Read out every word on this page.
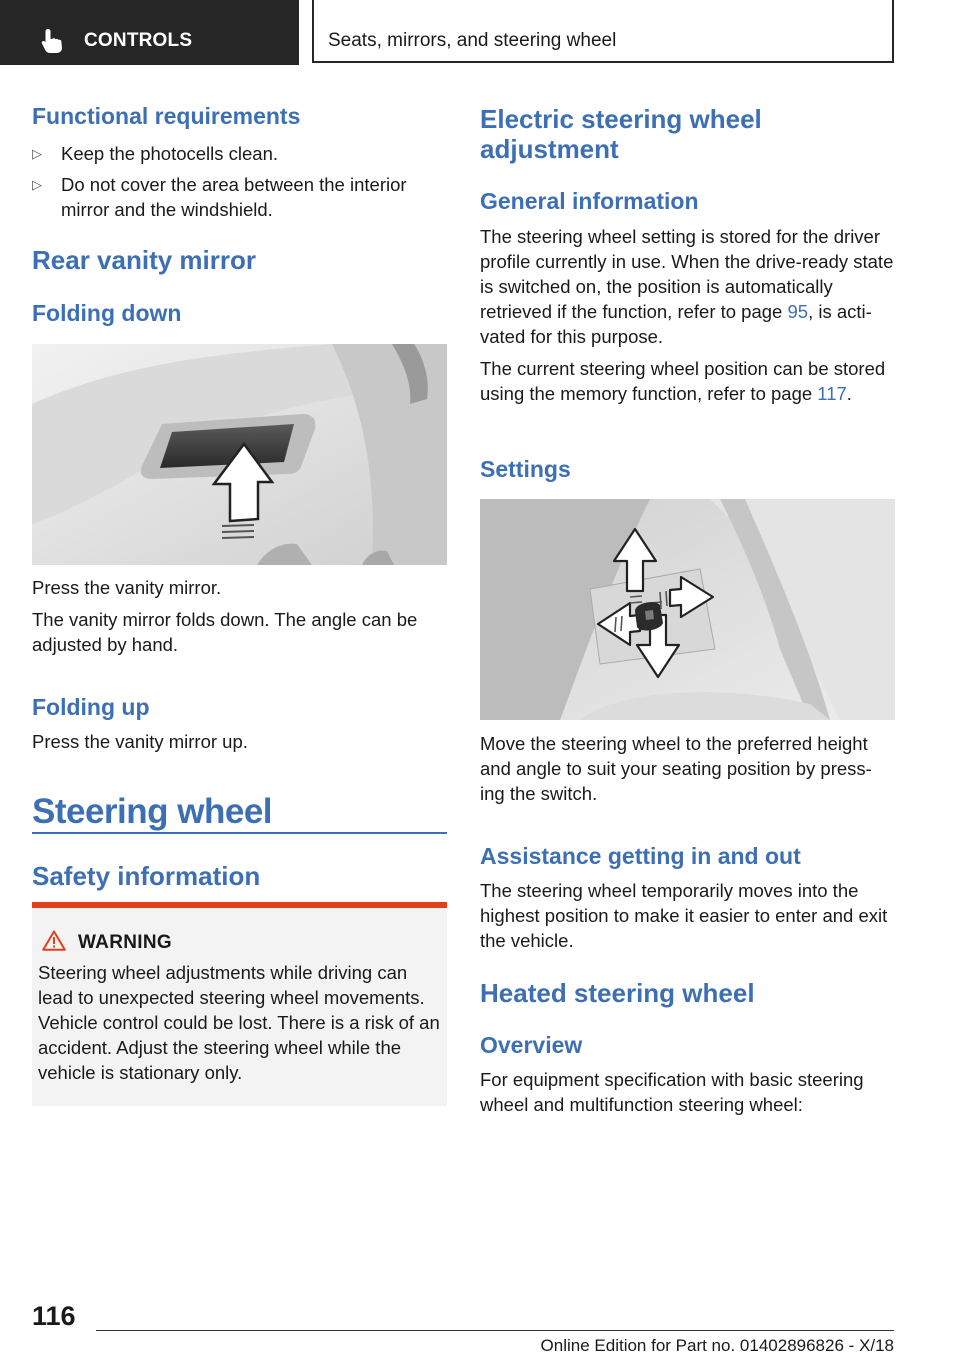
CONTROLS	Seats, mirrors, and steering wheel
Functional requirements
▷ Keep the photocells clean.
▷ Do not cover the area between the interior mirror and the windshield.
Rear vanity mirror
Folding down

Press the vanity mirror.

The vanity mirror folds down. The angle can be adjusted by hand.

Folding up

Press the vanity mirror up.

Steering wheel
Safety information
WARNING
Steering wheel adjustments while driving can lead to unexpected steering wheel movements. Vehicle control could be lost. There is a risk of an accident. Adjust the steering wheel while the vehicle is stationary only.
Electric steering wheel adjustment
General information

The steering wheel setting is stored for the driver profile currently in use. When the drive-ready state is switched on, the position is automatically retrieved if the function, refer to page 95, is acti-vated for this purpose.

The current steering wheel position can be stored using the memory function, refer to page 117.

Settings

Move the steering wheel to the preferred height and angle to suit your seating position by press-ing the switch.

Assistance getting in and out

The steering wheel temporarily moves into the highest position to make it easier to enter and exit the vehicle.

Heated steering wheel
Overview

For equipment specification with basic steering wheel and multifunction steering wheel:

116
Online Edition for Part no. 01402896826 - X/18
